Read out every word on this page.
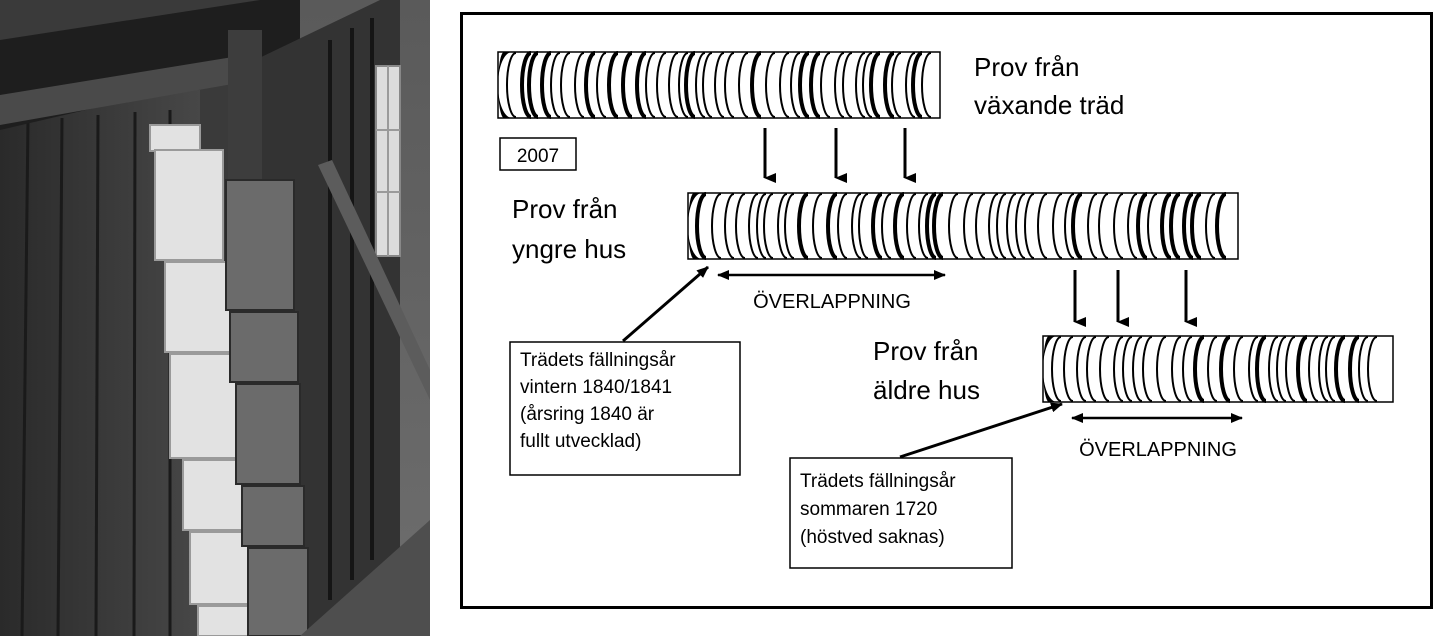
Prov från
växande träd
2007
Prov från
yngre hus
ÖVERLAPPNING
Trädets fällningsår
vintern 1840/1841
(årsring 1840 är
fullt utvecklad)
Prov från
äldre hus
ÖVERLAPPNING
Trädets fällningsår
sommaren 1720
(höstved saknas)
